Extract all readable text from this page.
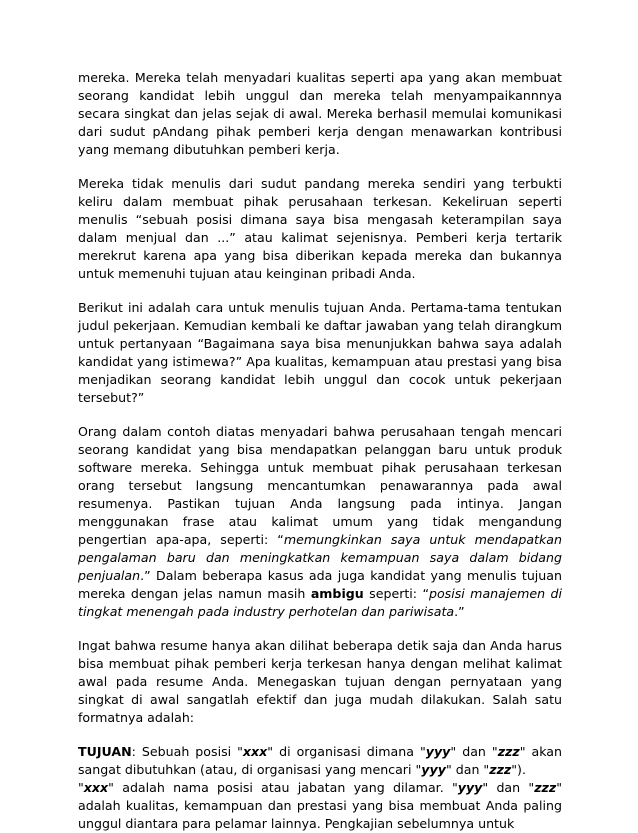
mereka. Mereka telah menyadari kualitas seperti apa yang akan membuat seorang kandidat lebih unggul dan mereka telah menyampaikannnya secara singkat dan jelas sejak di awal. Mereka berhasil memulai komunikasi dari sudut pAndang pihak pemberi kerja dengan menawarkan kontribusi yang memang dibutuhkan pemberi kerja.

Mereka tidak menulis dari sudut pandang mereka sendiri yang terbukti keliru dalam membuat pihak perusahaan terkesan. Kekeliruan seperti menulis “sebuah posisi dimana saya bisa mengasah keterampilan saya dalam menjual dan ...” atau kalimat sejenisnya. Pemberi kerja tertarik merekrut karena apa yang bisa diberikan kepada mereka dan bukannya untuk memenuhi tujuan atau keinginan pribadi Anda.

Berikut ini adalah cara untuk menulis tujuan Anda. Pertama-tama tentukan judul pekerjaan. Kemudian kembali ke daftar jawaban yang telah dirangkum untuk pertanyaan “Bagaimana saya bisa menunjukkan bahwa saya adalah kandidat yang istimewa?” Apa kualitas, kemampuan atau prestasi yang bisa menjadikan seorang kandidat lebih unggul dan cocok untuk pekerjaan tersebut?”

Orang dalam contoh diatas menyadari bahwa perusahaan tengah mencari seorang kandidat yang bisa mendapatkan pelanggan baru untuk produk software mereka. Sehingga untuk membuat pihak perusahaan terkesan orang tersebut langsung mencantumkan penawarannya pada awal resumenya. Pastikan tujuan Anda langsung pada intinya. Jangan menggunakan frase atau kalimat umum yang tidak mengandung pengertian apa-apa, seperti: “memungkinkan saya untuk mendapatkan pengalaman baru dan meningkatkan kemampuan saya dalam bidang penjualan.” Dalam beberapa kasus ada juga kandidat yang menulis tujuan mereka dengan jelas namun masih ambigu seperti: “posisi manajemen di tingkat menengah pada industry perhotelan dan pariwisata.”

Ingat bahwa resume hanya akan dilihat beberapa detik saja dan Anda harus bisa membuat pihak pemberi kerja terkesan hanya dengan melihat kalimat awal pada resume Anda. Menegaskan tujuan dengan pernyataan yang singkat di awal sangatlah efektif dan juga mudah dilakukan. Salah satu formatnya adalah:

TUJUAN: Sebuah posisi "xxx" di organisasi dimana "yyy" dan "zzz" akan sangat dibutuhkan (atau, di organisasi yang mencari "yyy" dan "zzz").

"xxx" adalah nama posisi atau jabatan yang dilamar. "yyy" dan "zzz" adalah kualitas, kemampuan dan prestasi yang bisa membuat Anda paling unggul diantara para pelamar lainnya. Pengkajian sebelumnya untuk
